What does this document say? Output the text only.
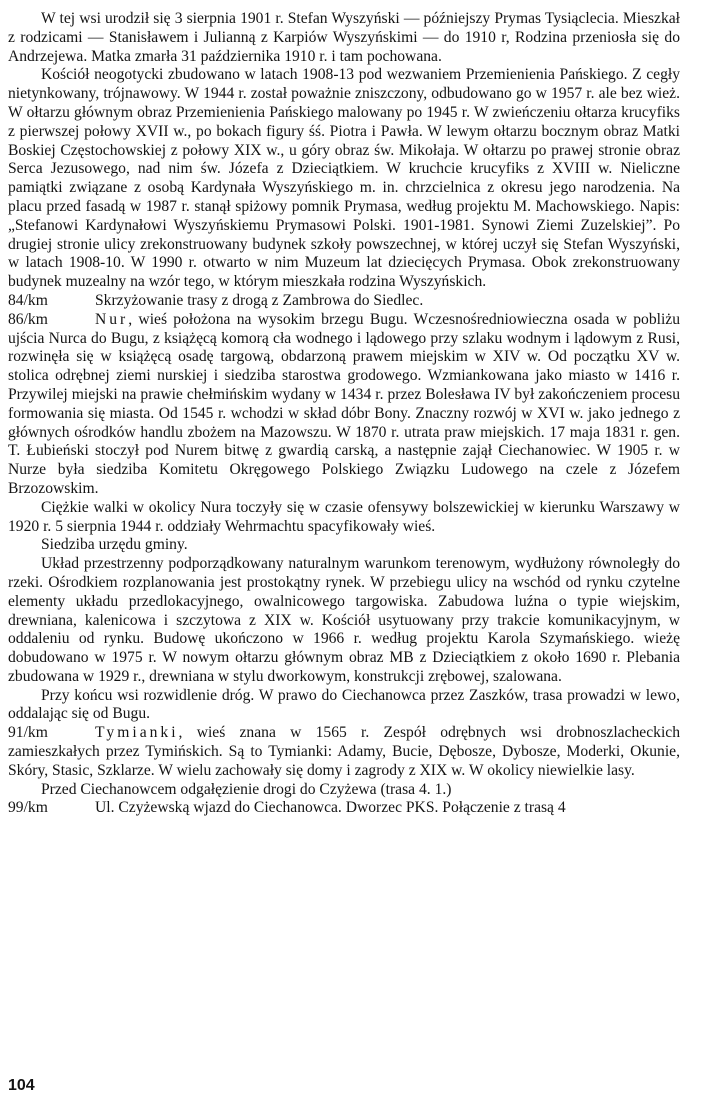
W tej wsi urodził się 3 sierpnia 1901 r. Stefan Wyszyński — późniejszy Prymas Tysiąclecia. Mieszkał z rodzicami — Stanisławem i Julianną z Karpiów Wyszyńskimi — do 1910 r, Rodzina przeniosła się do Andrzejewa. Matka zmarła 31 października 1910 r. i tam pochowana.

Kościół neogotycki zbudowano w latach 1908-13 pod wezwaniem Przemienienia Pańskiego. Z cegły nietynkowany, trójnawowy. W 1944 r. został poważnie zniszczony, odbudowano go w 1957 r. ale bez wież. W ołtarzu głównym obraz Przemienienia Pańskiego malowany po 1945 r. W zwieńczeniu ołtarza krucyfiks z pierwszej połowy XVII w., po bokach figury śś. Piotra i Pawła. W lewym ołtarzu bocznym obraz Matki Boskiej Częstochowskiej z połowy XIX w., u góry obraz św. Mikołaja. W ołtarzu po prawej stronie obraz Serca Jezusowego, nad nim św. Józefa z Dzieciątkiem. W kruchcie krucyfiks z XVIII w. Nieliczne pamiątki związane z osobą Kardynała Wyszyńskiego m. in. chrzcielnica z okresu jego narodzenia. Na placu przed fasadą w 1987 r. stanął spiżowy pomnik Prymasa, według projektu M. Machowskiego. Napis: „Stefanowi Kardynałowi Wyszyńskiemu Prymasowi Polski. 1901-1981. Synowi Ziemi Zuzelskiej”. Po drugiej stronie ulicy zrekonstruowany budynek szkoły powszechnej, w której uczył się Stefan Wyszyński, w latach 1908-10. W 1990 r. otwarto w nim Muzeum lat dziecięcych Prymasa. Obok zrekonstruowany budynek muzealny na wzór tego, w którym mieszkała rodzina Wyszyńskich.

84/km	Skrzyżowanie trasy z drogą z Zambrowa do Siedlec.

86/km	Nur, wieś położona na wysokim brzegu Bugu. Wczesnośredniowieczna osada w pobliżu ujścia Nurca do Bugu, z książęcą komorą cła wodnego i lądowego przy szlaku wodnym i lądowym z Rusi, rozwinęła się w książęcą osadę targową, obdarzoną prawem miejskim w XIV w. Od początku XV w. stolica odrębnej ziemi nurskiej i siedziba starostwa grodowego. Wzmiankowana jako miasto w 1416 r. Przywilej miejski na prawie chełmińskim wydany w 1434 r. przez Bolesława IV był zakończeniem procesu formowania się miasta. Od 1545 r. wchodzi w skład dóbr Bony. Znaczny rozwój w XVI w. jako jednego z głównych ośrodków handlu zbożem na Mazowszu. W 1870 r. utrata praw miejskich. 17 maja 1831 r. gen. T. Łubieński stoczył pod Nurem bitwę z gwardią carską, a następnie zajął Ciechanowiec. W 1905 r. w Nurze była siedziba Komitetu Okręgowego Polskiego Związku Ludowego na czele z Józefem Brzozowskim.

Ciężkie walki w okolicy Nura toczyły się w czasie ofensywy bolszewickiej w kierunku Warszawy w 1920 r. 5 sierpnia 1944 r. oddziały Wehrmachtu spacyfikowały wieś.

Siedziba urzędu gminy.

Układ przestrzenny podporządkowany naturalnym warunkom terenowym, wydłużony równoległy do rzeki. Ośrodkiem rozplanowania jest prostokątny rynek. W przebiegu ulicy na wschód od rynku czytelne elementy układu przedlokacyjnego, owalnicowego targowiska. Zabudowa luźna o typie wiejskim, drewniana, kalenicowa i szczytowa z XIX w. Kościół usytuowany przy trakcie komunikacyjnym, w oddaleniu od rynku. Budowę ukończono w 1966 r. według projektu Karola Szymańskiego. wieżę dobudowano w 1975 r. W nowym ołtarzu głównym obraz MB z Dzieciątkiem z około 1690 r. Plebania zbudowana w 1929 r., drewniana w stylu dworkowym, konstrukcji zrębowej, szalowana.

Przy końcu wsi rozwidlenie dróg. W prawo do Ciechanowca przez Zaszków, trasa prowadzi w lewo, oddalając się od Bugu.

91/km	Tymianki, wieś znana w 1565 r. Zespół odrębnych wsi drobnoszlacheckich zamieszkałych przez Tymińskich. Są to Tymianki: Adamy, Bucie, Dębosze, Dybosze, Moderki, Okunie, Skóry, Stasic, Szklarze. W wielu zachowały się domy i zagrody z XIX w. W okolicy niewielkie lasy.

Przed Ciechanowcem odgałęzienie drogi do Czyżewa (trasa 4. 1.)

99/km	Ul. Czyżewską wjazd do Ciechanowca. Dworzec PKS. Połączenie z trasą 4

104
